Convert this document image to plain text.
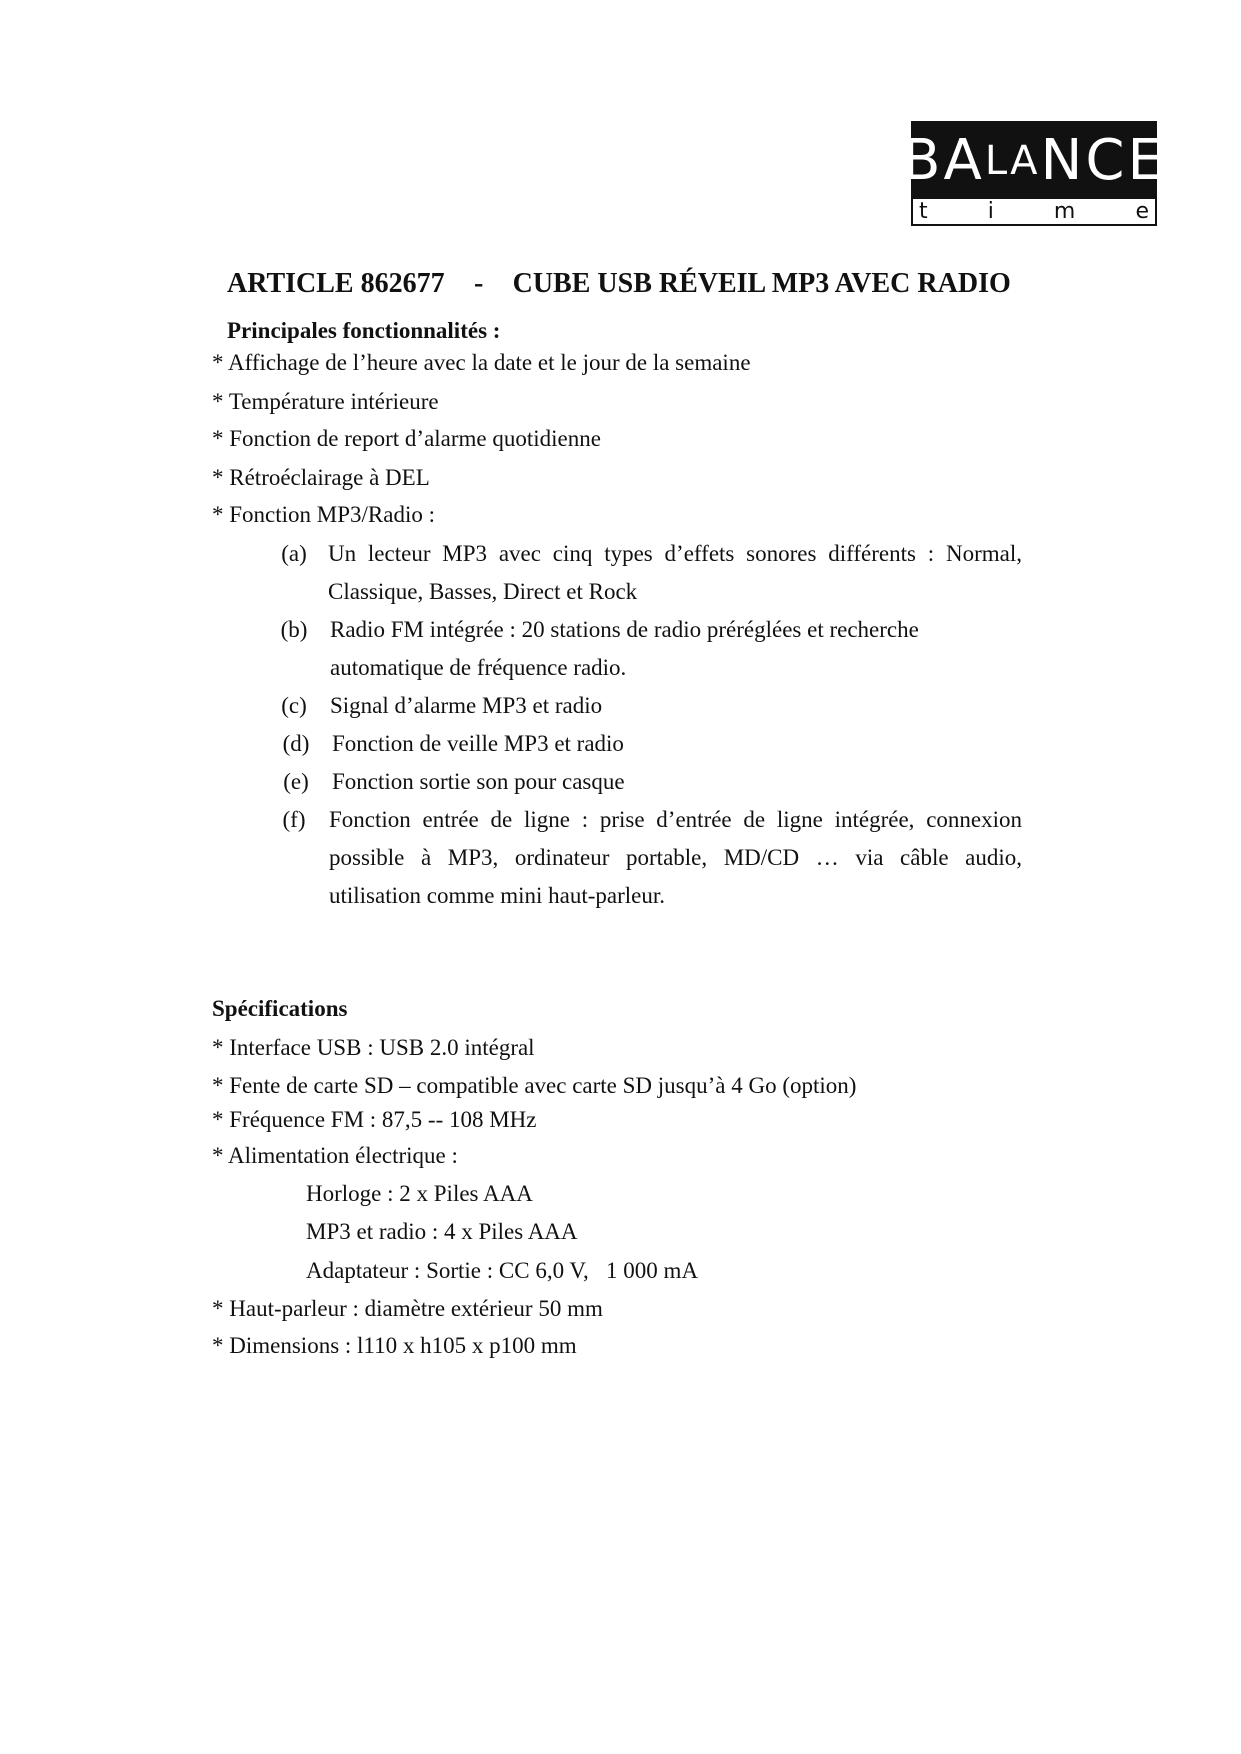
B A L A N C E
t	i	m	e
ARTICLE 862677 - CUBE USB RÉVEIL MP3 AVEC RADIO
Principales fonctionnalités :
* Affichage de l’heure avec la date et le jour de la semaine
* Température intérieure
* Fonction de report d’alarme quotidienne
* Rétroéclairage à DEL
* Fonction MP3/Radio :
(a) Un lecteur MP3 avec cinq types d’effets sonores différents : Normal, Classique, Basses, Direct et Rock
(b) Radio FM intégrée : 20 stations de radio préréglées et recherche automatique de fréquence radio.
(c)	Signal d’alarme MP3 et radio
(d) Fonction de veille MP3 et radio
(e)	Fonction sortie son pour casque
(f)	Fonction entrée de ligne : prise d’entrée de ligne intégrée, connexion possible à MP3, ordinateur portable, MD/CD … via câble audio, utilisation comme mini haut-parleur.
Spécifications
* Interface USB : USB 2.0 intégral
* Fente de carte SD – compatible avec carte SD jusqu’à 4 Go (option)
* Fréquence FM : 87,5 -- 108 MHz
* Alimentation électrique :
Horloge : 2 x Piles AAA
MP3 et radio : 4 x Piles AAA
Adaptateur : Sortie : CC 6,0 V,   1 000 mA
* Haut-parleur : diamètre extérieur 50 mm
* Dimensions : l110 x h105 x p100 mm
